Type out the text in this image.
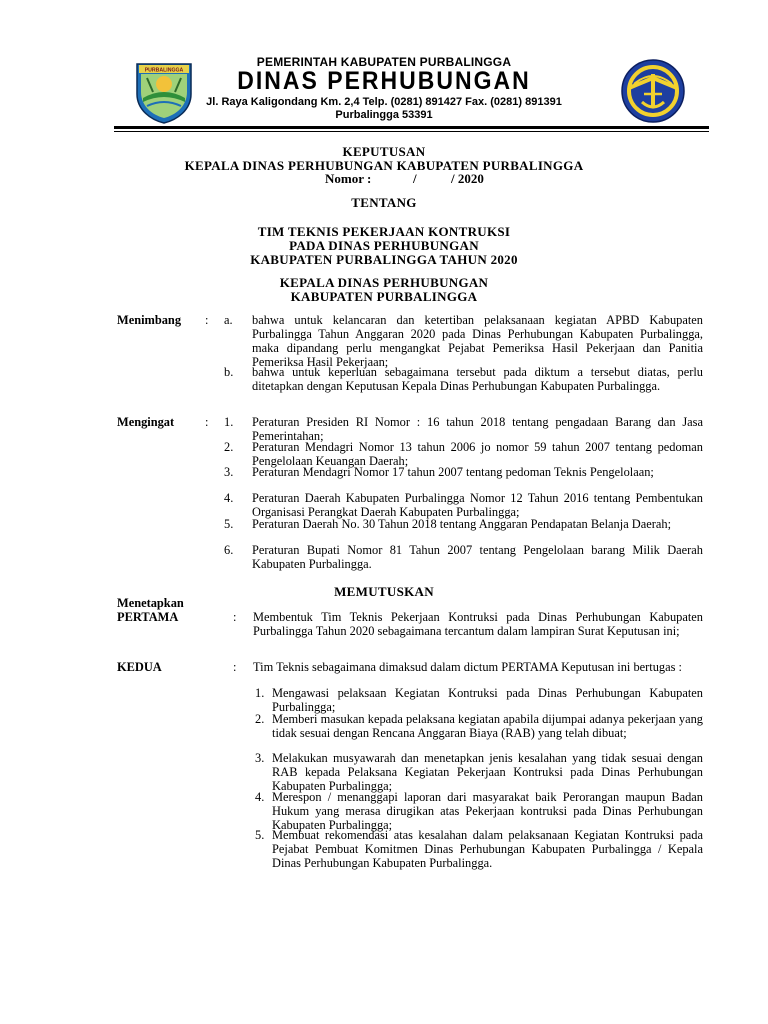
PURBALINGGA
PEMERINTAH KABUPATEN PURBALINGGA
DINAS PERHUBUNGAN
Jl. Raya Kaligondang Km. 2,4 Telp. (0281) 891427 Fax. (0281) 891391
Purbalingga 53391
KEPUTUSAN
KEPALA DINAS PERHUBUNGAN KABUPATEN PURBALINGGA
Nomor :	/	/ 2020
TENTANG
TIM TEKNIS PEKERJAAN KONTRUKSI
PADA DINAS PERHUBUNGAN
KABUPATEN PURBALINGGA TAHUN 2020
KEPALA DINAS PERHUBUNGAN
KABUPATEN PURBALINGGA
Menimbang : a. bahwa untuk kelancaran dan ketertiban pelaksanaan kegiatan APBD Kabupaten Purbalingga Tahun Anggaran 2020 pada Dinas Perhubungan Kabupaten Purbalingga, maka dipandang perlu mengangkat Pejabat Pemeriksa Hasil Pekerjaan dan Panitia Pemeriksa Hasil Pekerjaan;
b. bahwa untuk keperluan sebagaimana tersebut pada diktum a tersebut diatas, perlu ditetapkan dengan Keputusan Kepala Dinas Perhubungan Kabupaten Purbalingga.
Mengingat : 1. Peraturan Presiden RI Nomor : 16 tahun 2018 tentang pengadaan Barang dan Jasa Pemerintahan;
2. Peraturan Mendagri Nomor 13 tahun 2006 jo nomor 59 tahun 2007 tentang pedoman Pengelolaan Keuangan Daerah;
3. Peraturan Mendagri Nomor 17 tahun 2007 tentang pedoman Teknis Pengelolaan;
4. Peraturan Daerah Kabupaten Purbalingga Nomor 12 Tahun 2016 tentang Pembentukan Organisasi Perangkat Daerah Kabupaten Purbalingga;
5. Peraturan Daerah No. 30 Tahun 2018 tentang Anggaran Pendapatan Belanja Daerah;
6. Peraturan Bupati Nomor 81 Tahun 2007 tentang Pengelolaan barang Milik Daerah Kabupaten Purbalingga.
MEMUTUSKAN
Menetapkan
PERTAMA	: Membentuk Tim Teknis Pekerjaan Kontruksi pada Dinas Perhubungan Kabupaten Purbalingga Tahun 2020 sebagaimana tercantum dalam lampiran Surat Keputusan ini;
KEDUA	: Tim Teknis sebagaimana dimaksud dalam dictum PERTAMA Keputusan ini bertugas :
1. Mengawasi pelaksaan Kegiatan Kontruksi pada Dinas Perhubungan Kabupaten Purbalingga;
2. Memberi masukan kepada pelaksana kegiatan apabila dijumpai adanya pekerjaan yang tidak sesuai dengan Rencana Anggaran Biaya (RAB) yang telah dibuat;
3. Melakukan musyawarah dan menetapkan jenis kesalahan yang tidak sesuai dengan RAB kepada Pelaksana Kegiatan Pekerjaan Kontruksi pada Dinas Perhubungan Kabupaten Purbalingga;
4. Merespon / menanggapi laporan dari masyarakat baik Perorangan maupun Badan Hukum yang merasa dirugikan atas Pekerjaan kontruksi pada Dinas Perhubungan Kabupaten Purbalingga;
5. Membuat rekomendasi atas kesalahan dalam pelaksanaan Kegiatan Kontruksi pada Pejabat Pembuat Komitmen Dinas Perhubungan Kabupaten Purbalingga / Kepala Dinas Perhubungan Kabupaten Purbalingga.
